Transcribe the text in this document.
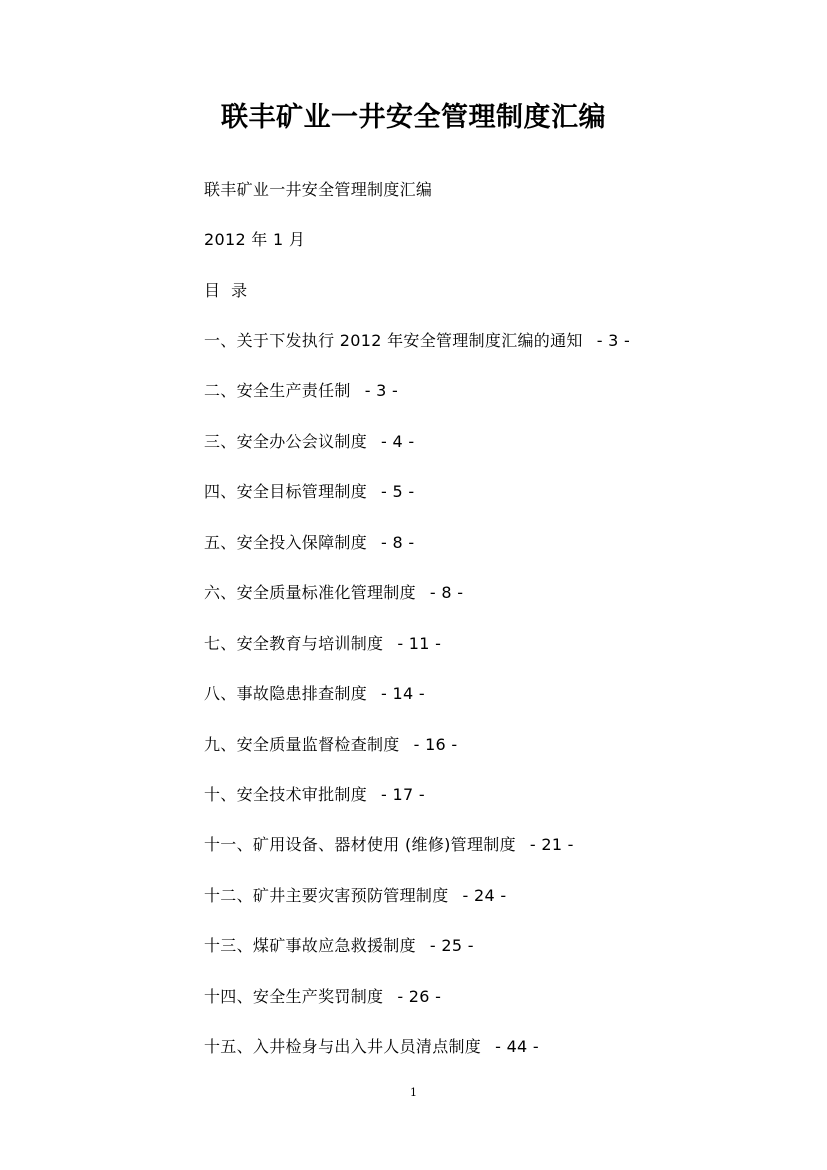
联丰矿业一井安全管理制度汇编
联丰矿业一井安全管理制度汇编
2012 年 1 月
目  录
一、关于下发执行 2012 年安全管理制度汇编的通知 - 3 -
二、安全生产责任制 - 3 -
三、安全办公会议制度 - 4 -
四、安全目标管理制度 - 5 -
五、安全投入保障制度 - 8 -
六、安全质量标准化管理制度 - 8 -
七、安全教育与培训制度 - 11 -
八、事故隐患排查制度 - 14 -
九、安全质量监督检查制度 - 16 -
十、安全技术审批制度 - 17 -
十一、矿用设备、器材使用 (维修)管理制度 - 21 -
十二、矿井主要灾害预防管理制度 - 24 -
十三、煤矿事故应急救援制度 - 25 -
十四、安全生产奖罚制度 - 26 -
十五、入井检身与出入井人员清点制度 - 44 -
1
